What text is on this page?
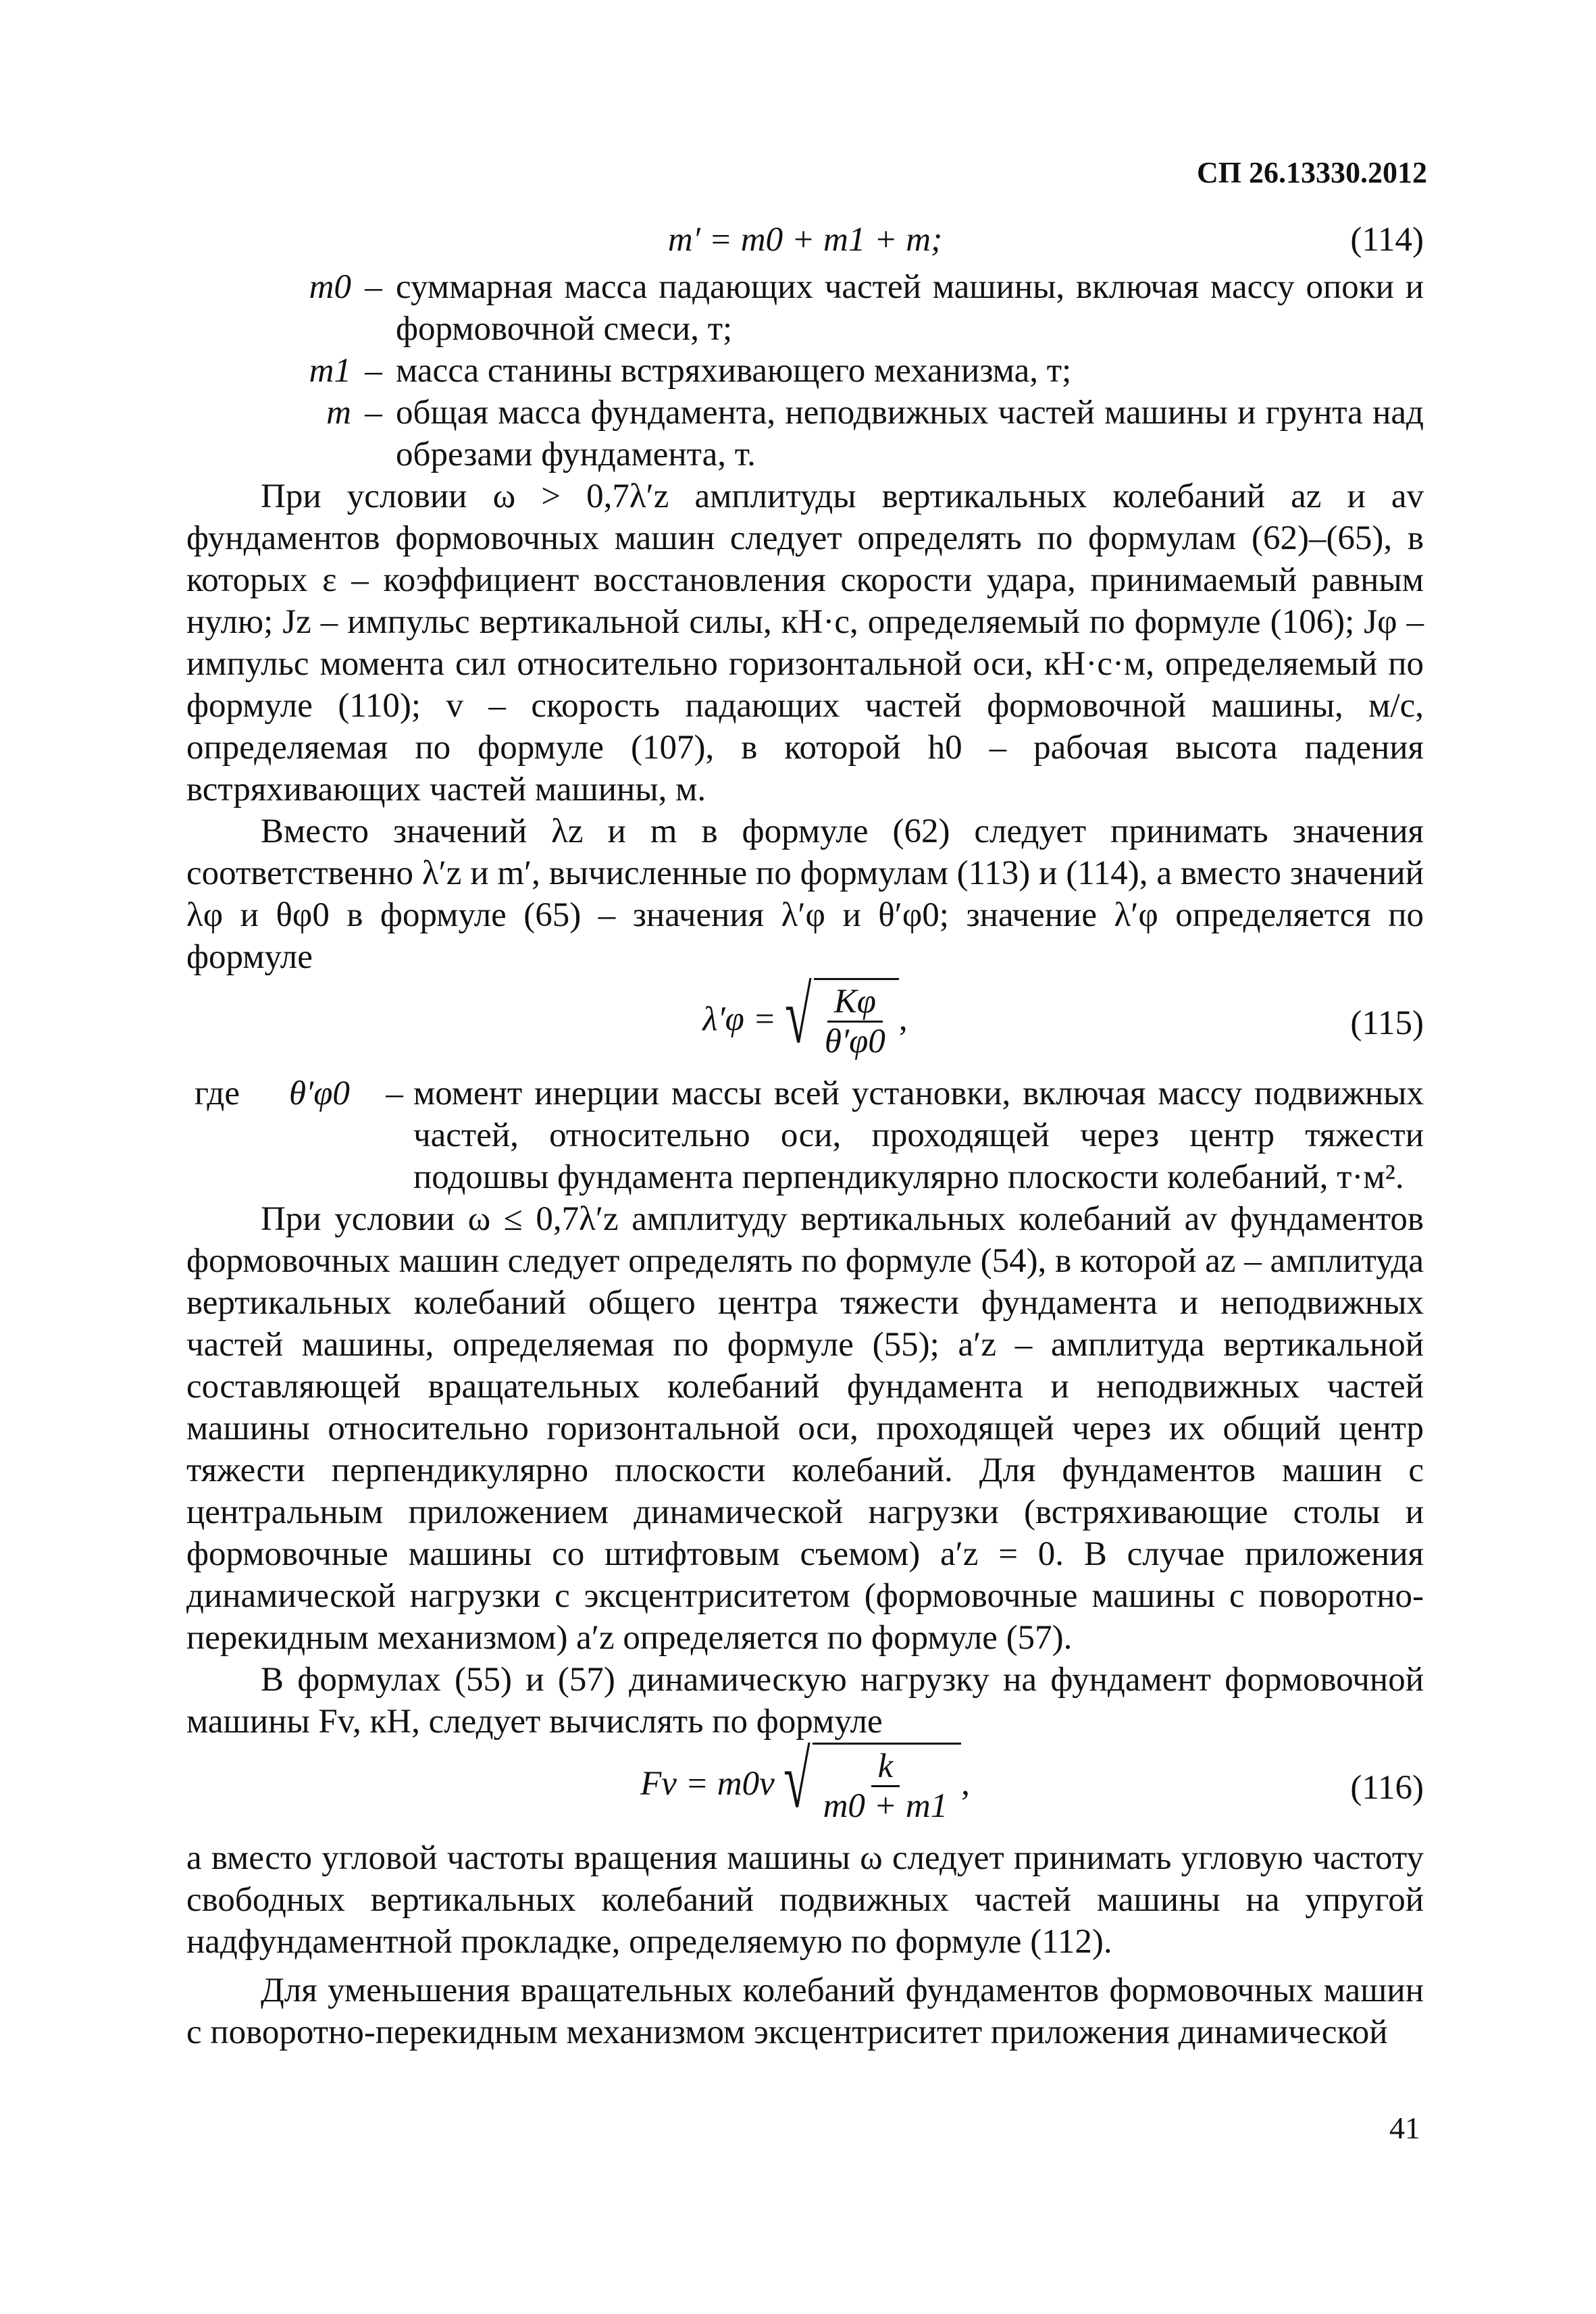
СП 26.13330.2012
m′ = m0 + m1 + m;	(114)
m0 – суммарная масса падающих частей машины, включая массу опоки и формовочной смеси, т;
m1 – масса станины встряхивающего механизма, т;
m – общая масса фундамента, неподвижных частей машины и грунта над обрезами фундамента, т.

При условии ω > 0,7λ′z амплитуды вертикальных колебаний az и av фундаментов формовочных машин следует определять по формулам (62)–(65), в которых ε – коэффициент восстановления скорости удара, принимаемый равным нулю; Jz – импульс вертикальной силы, кН·с, определяемый по формуле (106); Jφ – импульс момента сил относительно горизонтальной оси, кН·с·м, определяемый по формуле (110); v – скорость падающих частей формовочной машины, м/с, определяемая по формуле (107), в которой h0 – рабочая высота падения встряхивающих частей машины, м.

Вместо значений λz и m в формуле (62) следует принимать значения соответственно λ′z и m′, вычисленные по формулам (113) и (114), а вместо значений λφ и θφ0 в формуле (65) – значения λ′φ и θ′φ0; значение λ′φ определяется по формуле

λ′φ = √ $\frac{K\varphi}{\theta'\varphi 0}$ ,	(115)
где	θ′φ0	– момент инерции массы всей установки, включая массу подвижных частей, относительно оси, проходящей через центр тяжести подошвы фундамента перпендикулярно плоскости колебаний, т·м².

При условии ω ≤ 0,7λ′z амплитуду вертикальных колебаний av фундаментов формовочных машин следует определять по формуле (54), в которой az – амплитуда вертикальных колебаний общего центра тяжести фундамента и неподвижных частей машины, определяемая по формуле (55); a′z – амплитуда вертикальной составляющей вращательных колебаний фундамента и неподвижных частей машины относительно горизонтальной оси, проходящей через их общий центр тяжести перпендикулярно плоскости колебаний. Для фундаментов машин с центральным приложением динамической нагрузки (встряхивающие столы и формовочные машины со штифтовым съемом) a′z = 0. В случае приложения динамической нагрузки с эксцентриситетом (формовочные машины с поворотно-перекидным механизмом) a′z определяется по формуле (57).

В формулах (55) и (57) динамическую нагрузку на фундамент формовочной машины Fv, кН, следует вычислять по формуле

Fv = m0v √ $\frac{k}{m0 + m1}$ ,	(116)

а вместо угловой частоты вращения машины ω следует принимать угловую частоту свободных вертикальных колебаний подвижных частей машины на упругой надфундаментной прокладке, определяемую по формуле (112).

Для уменьшения вращательных колебаний фундаментов формовочных машин с поворотно-перекидным механизмом эксцентриситет приложения динамической

41
